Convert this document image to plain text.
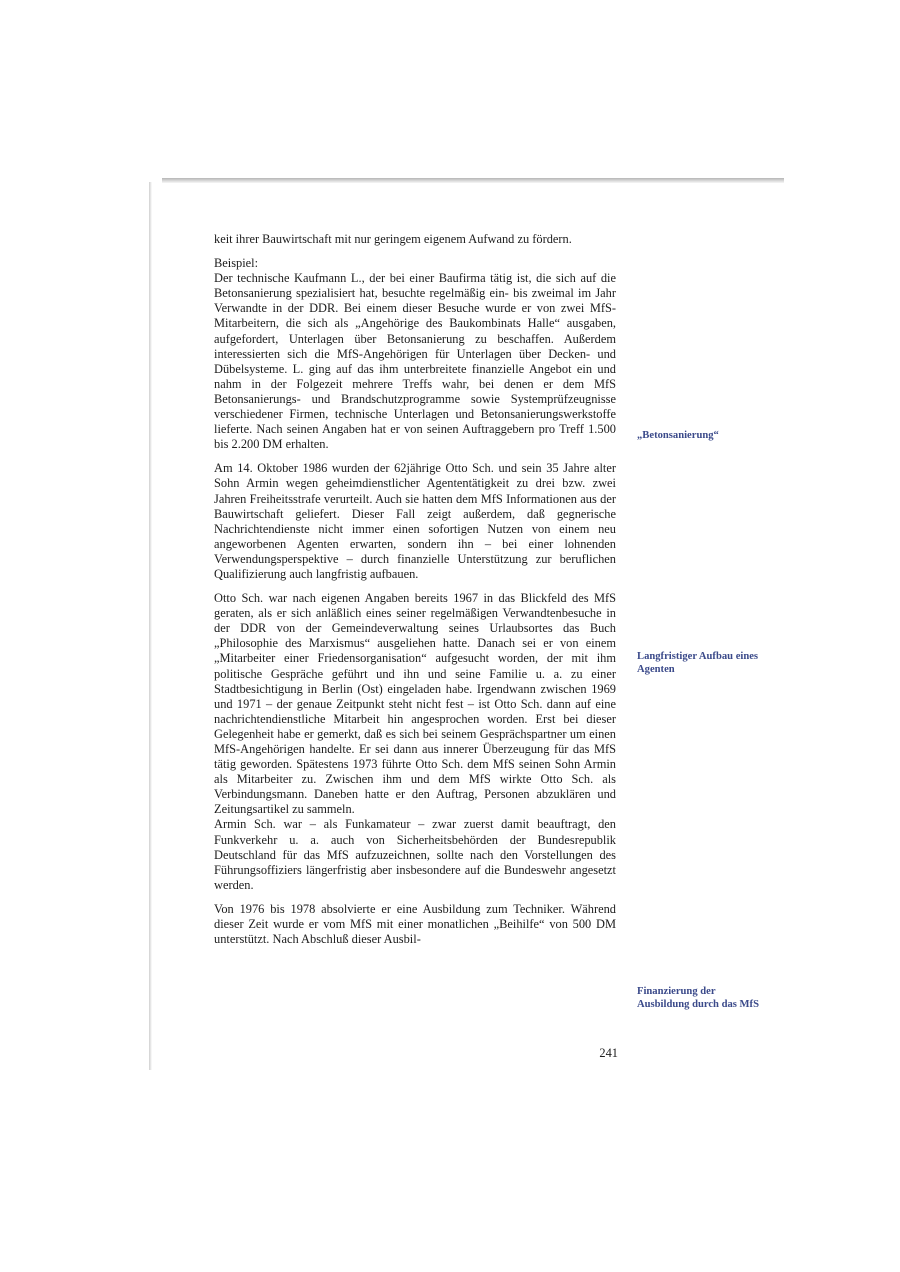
keit ihrer Bauwirtschaft mit nur geringem eigenem Aufwand zu fördern.

Beispiel:

Der technische Kaufmann L., der bei einer Baufirma tätig ist, die sich auf die Betonsanierung spezialisiert hat, besuchte regelmäßig ein- bis zweimal im Jahr Verwandte in der DDR. Bei einem dieser Besuche wurde er von zwei MfS-Mitarbeitern, die sich als „Angehörige des Baukombinats Halle“ ausgaben, aufgefordert, Unterlagen über Betonsanierung zu beschaffen. Außerdem interessierten sich die MfS-Angehörigen für Unterlagen über Decken- und Dübelsysteme. L. ging auf das ihm unterbreitete finanzielle Angebot ein und nahm in der Folgezeit mehrere Treffs wahr, bei denen er dem MfS Betonsanierungs- und Brandschutzprogramme sowie Systemprüfzeugnisse verschiedener Firmen, technische Unterlagen und Betonsanierungswerkstoffe lieferte. Nach seinen Angaben hat er von seinen Auftraggebern pro Treff 1.500 bis 2.200 DM erhalten.

Am 14. Oktober 1986 wurden der 62jährige Otto Sch. und sein 35 Jahre alter Sohn Armin wegen geheimdienstlicher Agententätigkeit zu drei bzw. zwei Jahren Freiheitsstrafe verurteilt. Auch sie hatten dem MfS Informationen aus der Bauwirtschaft geliefert. Dieser Fall zeigt außerdem, daß gegnerische Nachrichtendienste nicht immer einen sofortigen Nutzen von einem neu angeworbenen Agenten erwarten, sondern ihn – bei einer lohnenden Verwendungsperspektive – durch finanzielle Unterstützung zur beruflichen Qualifizierung auch langfristig aufbauen.

Otto Sch. war nach eigenen Angaben bereits 1967 in das Blickfeld des MfS geraten, als er sich anläßlich eines seiner regelmäßigen Verwandtenbesuche in der DDR von der Gemeindeverwaltung seines Urlaubsortes das Buch „Philosophie des Marxismus“ ausgeliehen hatte. Danach sei er von einem „Mitarbeiter einer Friedensorganisation“ aufgesucht worden, der mit ihm politische Gespräche geführt und ihn und seine Familie u. a. zu einer Stadtbesichtigung in Berlin (Ost) eingeladen habe. Irgendwann zwischen 1969 und 1971 – der genaue Zeitpunkt steht nicht fest – ist Otto Sch. dann auf eine nachrichtendienstliche Mitarbeit hin angesprochen worden. Erst bei dieser Gelegenheit habe er gemerkt, daß es sich bei seinem Gesprächspartner um einen MfS-Angehörigen handelte. Er sei dann aus innerer Überzeugung für das MfS tätig geworden. Spätestens 1973 führte Otto Sch. dem MfS seinen Sohn Armin als Mitarbeiter zu. Zwischen ihm und dem MfS wirkte Otto Sch. als Verbindungsmann. Daneben hatte er den Auftrag, Personen abzuklären und Zeitungsartikel zu sammeln.

Armin Sch. war – als Funkamateur – zwar zuerst damit beauftragt, den Funkverkehr u. a. auch von Sicherheitsbehörden der Bundesrepublik Deutschland für das MfS aufzuzeichnen, sollte nach den Vorstellungen des Führungsoffiziers längerfristig aber insbesondere auf die Bundeswehr angesetzt werden.

Von 1976 bis 1978 absolvierte er eine Ausbildung zum Techniker. Während dieser Zeit wurde er vom MfS mit einer monatlichen „Beihilfe“ von 500 DM unterstützt. Nach Abschluß dieser Ausbil-

„Betonsanierung“
Langfristiger Aufbau eines Agenten
Finanzierung der Ausbildung durch das MfS
241
